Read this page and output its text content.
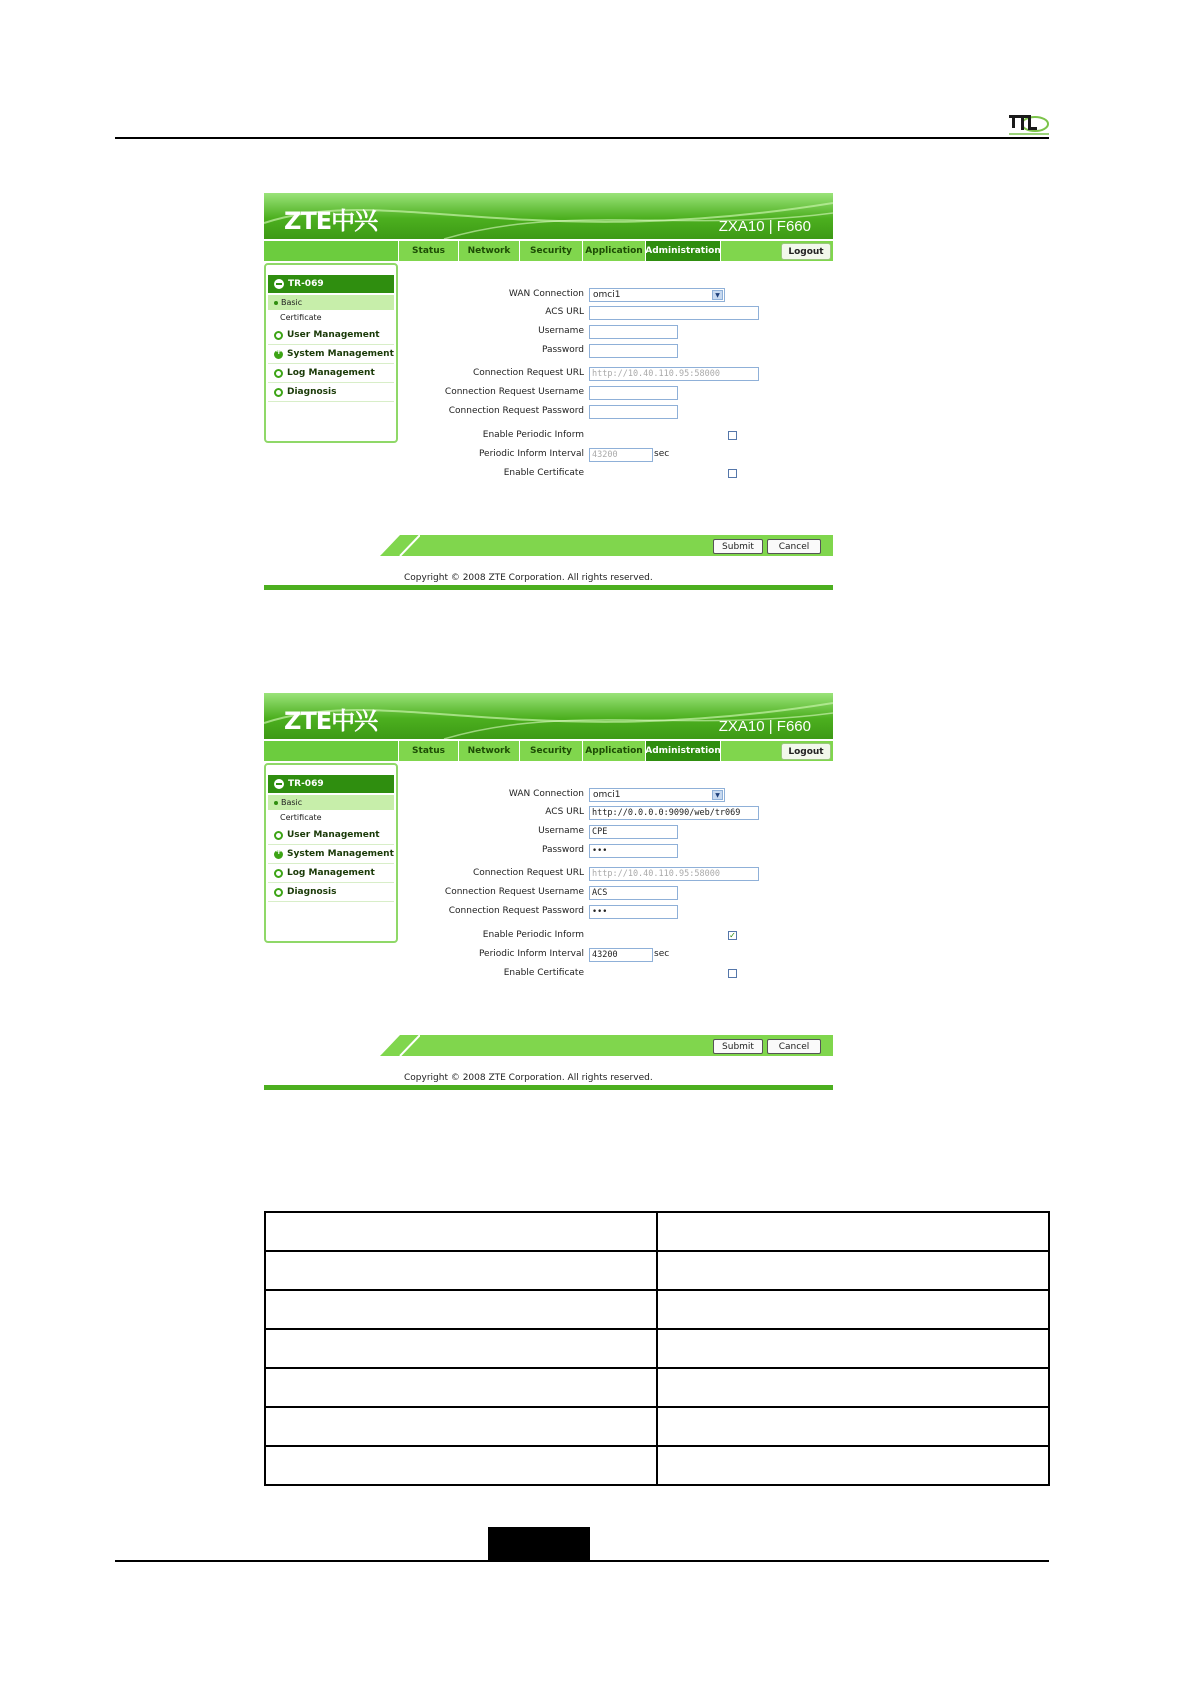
ZTE中兴	ZXA10 | F660
Status	Network	Security	Application Administration	Logout
TR-069
Basic
Certificate
User Management
+
System Management
Log Management
Diagnosis
WAN Connection	omci1	▼
ACS URL
Username
Password
Connection Request URL http://10.40.110.95:58000
Connection Request Username
Connection Request Password
Enable Periodic Inform
Periodic Inform Interval 43200	sec
Enable Certificate
Submit	Cancel
Copyright © 2008 ZTE Corporation. All rights reserved.
ZTE中兴	ZXA10 | F660
Status	Network	Security	Application Administration	Logout
TR-069
Basic
Certificate
User Management
+
System Management
Log Management
Diagnosis
WAN Connection	omci1	▼
ACS URL http://0.0.0.0:9090/web/tr069
Username CPE
Password •••
Connection Request URL http://10.40.110.95:58000
Connection Request Username ACS
Connection Request Password •••
Enable Periodic Inform	✓
Periodic Inform Interval 43200	sec
Enable Certificate
Submit	Cancel
Copyright © 2008 ZTE Corporation. All rights reserved.
